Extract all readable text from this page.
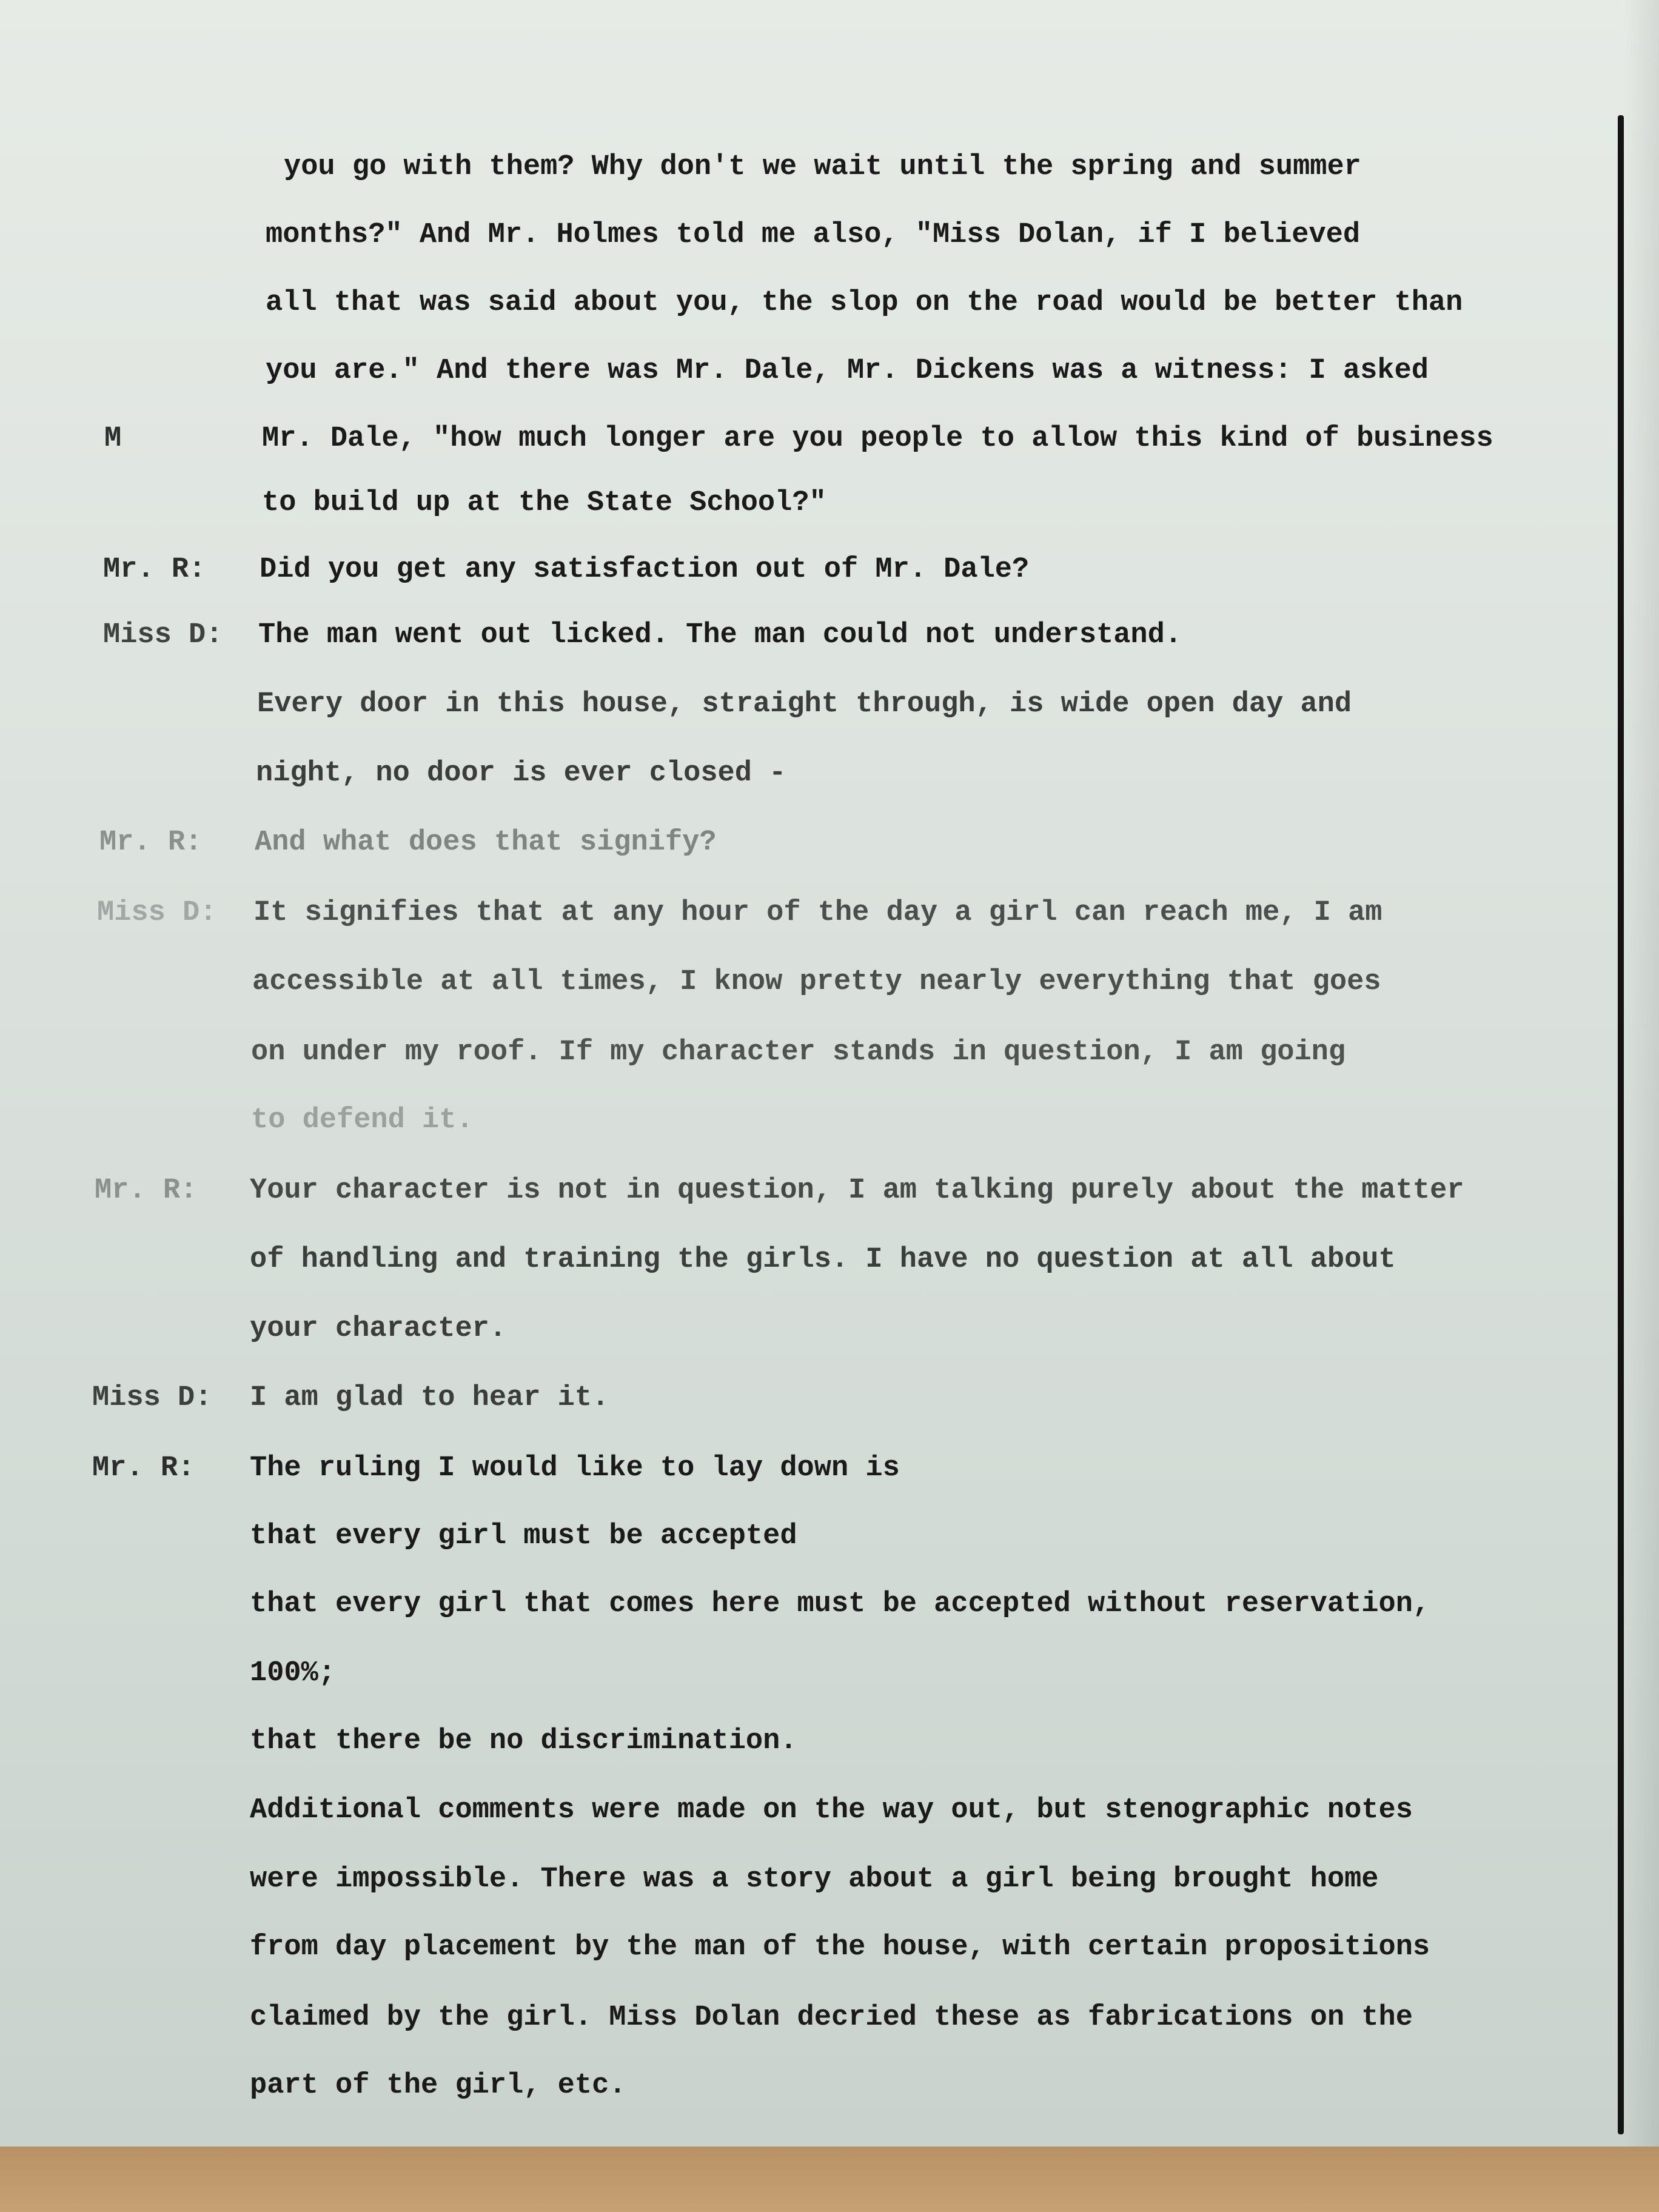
you go with them? Why don't we wait until the spring and summer
months?" And Mr. Holmes told me also, "Miss Dolan, if I believed
all that was said about you, the slop on the road would be better than
you are." And there was Mr. Dale, Mr. Dickens was a witness: I asked
M	Mr. Dale, "how much longer are you people to allow this kind of business
to build up at the State School?"
Mr. R: Did you get any satisfaction out of Mr. Dale?
Miss D: The man went out licked. The man could not understand.
Every door in this house, straight through, is wide open day and
night, no door is ever closed -
Mr. R: And what does that signify?
Miss D: It signifies that at any hour of the day a girl can reach me, I am
accessible at all times, I know pretty nearly everything that goes
on under my roof. If my character stands in question, I am going
to defend it.
Mr. R: Your character is not in question, I am talking purely about the matter
of handling and training the girls. I have no question at all about
your character.
Miss D: I am glad to hear it.
Mr. R: The ruling I would like to lay down is
that every girl must be accepted
that every girl that comes here must be accepted without reservation,
100%;
that there be no discrimination.
Additional comments were made on the way out, but stenographic notes
were impossible. There was a story about a girl being brought home
from day placement by the man of the house, with certain propositions
claimed by the girl. Miss Dolan decried these as fabrications on the
part of the girl, etc.
